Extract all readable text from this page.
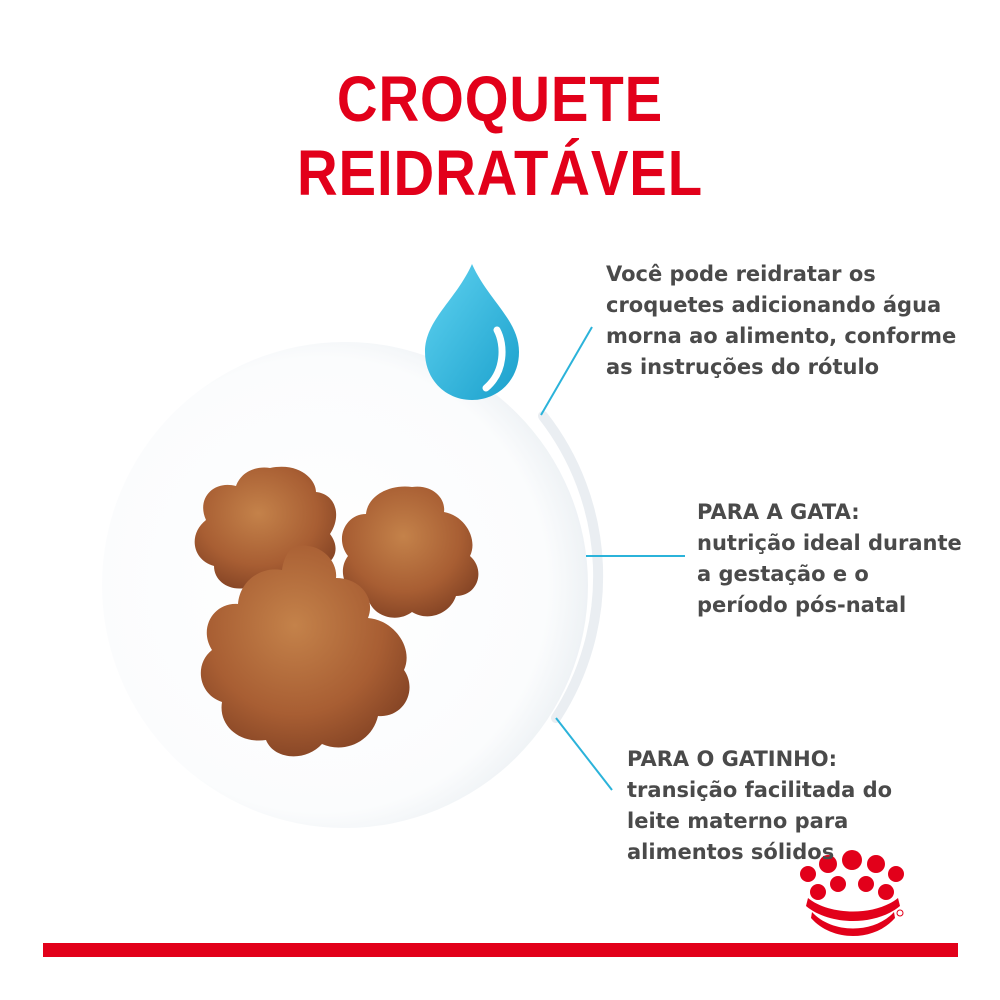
CROQUETE
REIDRATÁVEL
Você pode reidratar os
croquetes adicionando água
morna ao alimento, conforme
as instruções do rótulo
PARA A GATA:
nutrição ideal durante
a gestação e o
período pós-natal
PARA O GATINHO:
transição facilitada do
leite materno para
alimentos sólidos
